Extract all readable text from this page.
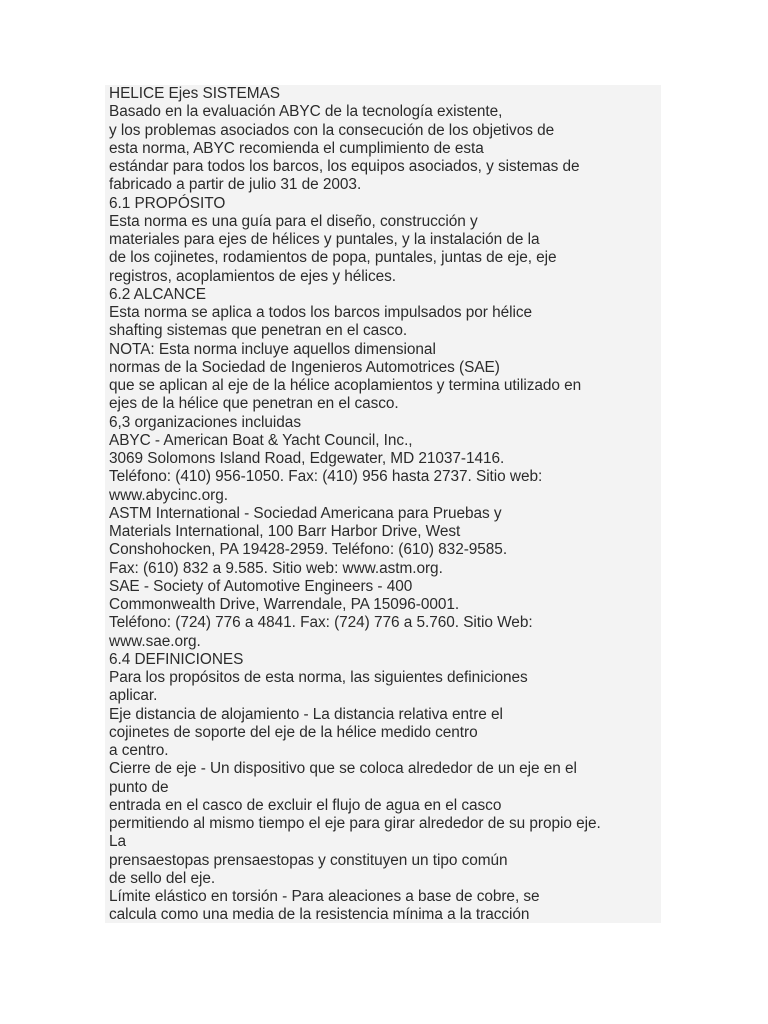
HELICE Ejes SISTEMAS
Basado en la evaluación ABYC de la tecnología existente,
y los problemas asociados con la consecución de los objetivos de
esta norma, ABYC recomienda el cumplimiento de esta
estándar para todos los barcos, los equipos asociados, y sistemas de
fabricado a partir de julio 31 de 2003.
6.1 PROPÓSITO
Esta norma es una guía para el diseño, construcción y
materiales para ejes de hélices y puntales, y la instalación de la
de los cojinetes, rodamientos de popa, puntales, juntas de eje, eje
registros, acoplamientos de ejes y hélices.
6.2 ALCANCE
Esta norma se aplica a todos los barcos impulsados por hélice
shafting sistemas que penetran en el casco.
NOTA: Esta norma incluye aquellos dimensional
normas de la Sociedad de Ingenieros Automotrices (SAE)
que se aplican al eje de la hélice acoplamientos y termina utilizado en
ejes de la hélice que penetran en el casco.
6,3 organizaciones incluidas
ABYC - American Boat & Yacht Council, Inc.,
3069 Solomons Island Road, Edgewater, MD 21037-1416.
Teléfono: (410) 956-1050. Fax: (410) 956 hasta 2737. Sitio web:
www.abycinc.org.
ASTM International - Sociedad Americana para Pruebas y
Materials International, 100 Barr Harbor Drive, West
Conshohocken, PA 19428-2959. Teléfono: (610) 832-9585.
Fax: (610) 832 a 9.585. Sitio web: www.astm.org.
SAE - Society of Automotive Engineers - 400
Commonwealth Drive, Warrendale, PA 15096-0001.
Teléfono: (724) 776 a 4841. Fax: (724) 776 a 5.760. Sitio Web:
www.sae.org.
6.4 DEFINICIONES
Para los propósitos de esta norma, las siguientes definiciones
aplicar.
Eje distancia de alojamiento - La distancia relativa entre el
cojinetes de soporte del eje de la hélice medido centro
a centro.
Cierre de eje - Un dispositivo que se coloca alrededor de un eje en el
punto de
entrada en el casco de excluir el flujo de agua en el casco
permitiendo al mismo tiempo el eje para girar alrededor de su propio eje.
La
prensaestopas prensaestopas y constituyen un tipo común
de sello del eje.
Límite elástico en torsión - Para aleaciones a base de cobre, se
calcula como una media de la resistencia mínima a la tracción
